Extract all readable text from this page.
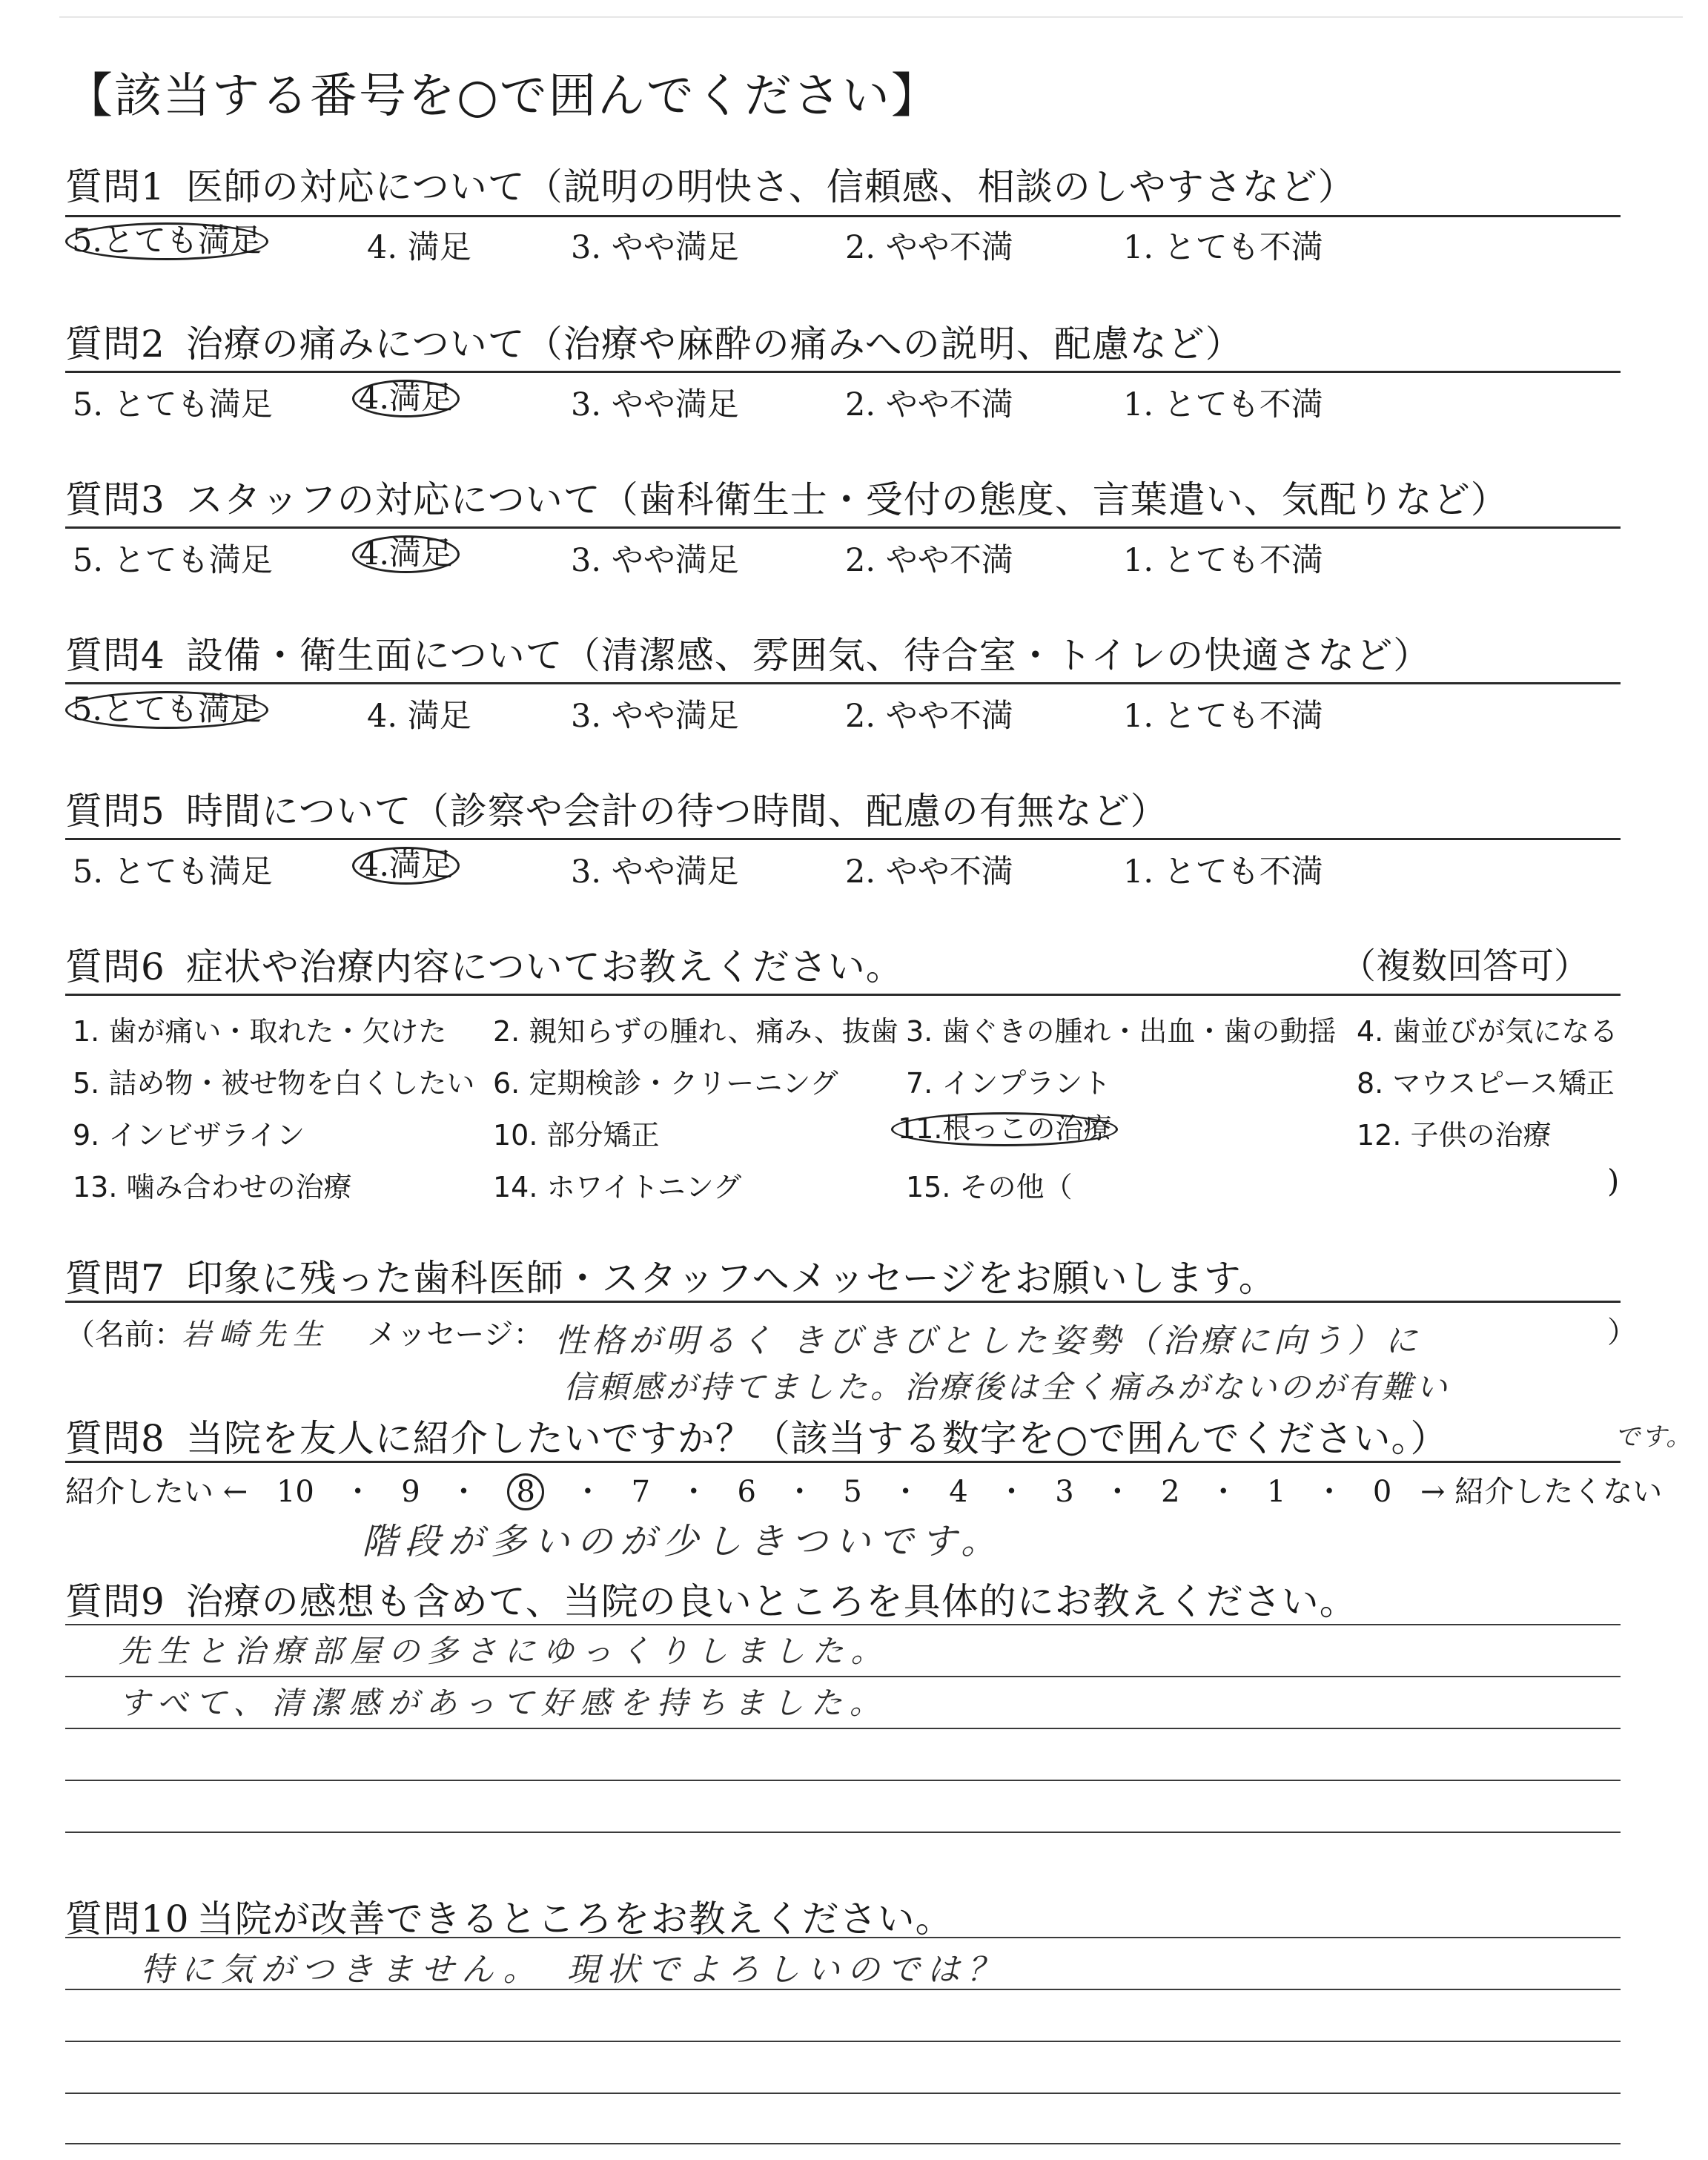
【該当する番号を○で囲んでください】
質問1 医師の対応について（説明の明快さ、信頼感、相談のしやすさなど）
5.とても満足	4. 満足	3. やや満足	2. やや不満	1. とても不満
質問2 治療の痛みについて（治療や麻酔の痛みへの説明、配慮など）
5. とても満足	4.満足	3. やや満足	2. やや不満	1. とても不満
質問3 スタッフの対応について（歯科衛生士・受付の態度、言葉遣い、気配りなど）
5. とても満足	4.満足	3. やや満足	2. やや不満	1. とても不満
質問4 設備・衛生面について（清潔感、雰囲気、待合室・トイレの快適さなど）
5.とても満足	4. 満足	3. やや満足	2. やや不満	1. とても不満
質問5 時間について（診察や会計の待つ時間、配慮の有無など）
5. とても満足	4.満足	3. やや満足	2. やや不満	1. とても不満
質問6 症状や治療内容についてお教えください。	（複数回答可）
1. 歯が痛い・取れた・欠けた 2. 親知らずの腫れ、痛み、抜歯 3. 歯ぐきの腫れ・出血・歯の動揺 4. 歯並びが気になる
5. 詰め物・被せ物を白くしたい 6. 定期検診・クリーニング 7. インプラント	8. マウスピース矯正
9. インビザライン	10. 部分矯正	11.根っこの治療	12. 子供の治療
13. 噛み合わせの治療	14. ホワイトニング	15. その他（	)
質問7 印象に残った歯科医師・スタッフへメッセージをお願いします。
（名前：
岩崎先生 メッセージ： 性格が明るく きびきびとした姿勢（治療に向う）に	）
信頼感が持てました。治療後は全く痛みがないのが有難い
質問8 当院を友人に紹介したいですか？（該当する数字を○で囲んでください。）	です。
紹介したい ← 10 ・ 9 ・ 8 ・ 7 ・ 6 ・ 5 ・ 4 ・ 3 ・ 2 ・ 1 ・ 0 → 紹介したくない
階段が多いのが少しきついです。
質問9 治療の感想も含めて、当院の良いところを具体的にお教えください。
先生と治療部屋の多さにゆっくりしました。
すべて、清潔感があって好感を持ちました。
質問10 当院が改善できるところをお教えください。
特に気がつきません。　現状でよろしいのでは？
